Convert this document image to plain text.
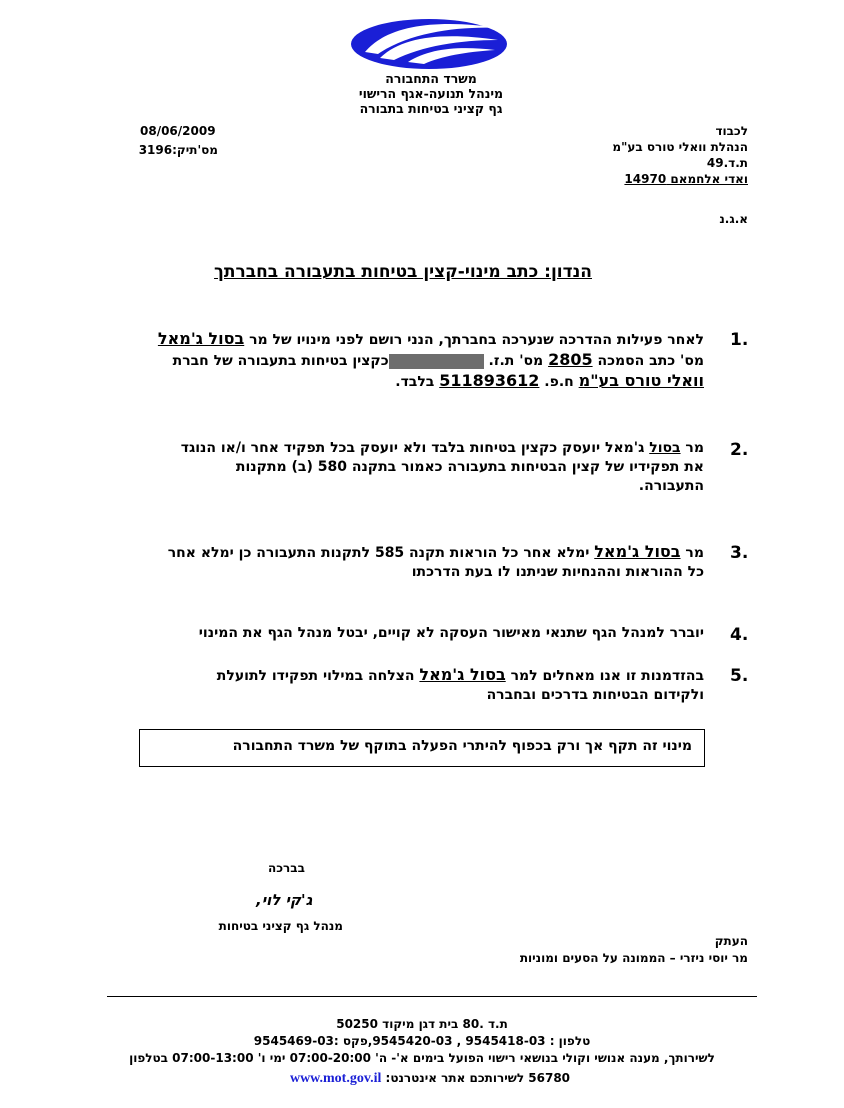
משרד התחבורה
מינהל תנועה-אגף הרישוי
גף קציני בטיחות בתבורה
08/06/2009
מס'תיק:3196
לכבוד
הנהלת וואלי טורס בע"מ
ת.ד.49
ואדי אלחמאם 14970
א.ג.נ
הנדון: כתב מינוי-קצין בטיחות בתעבורה בחברתך
1.
לאחר פעילות ההדרכה שנערכה בחברתך, הנני רושם לפני מינויו של מר בסול ג'מאל
מס' כתב הסמכה 2805 מס' ת.ז. כקצין בטיחות בתעבורה של חברת
וואלי טורס בע"מ ח.פ. 511893612 בלבד.
2.
מר בסול ג'מאל יועסק כקצין בטיחות בלבד ולא יועסק בכל תפקיד אחר ו/או הנוגד
את תפקידיו של קצין הבטיחות בתעבורה כאמור בתקנה 580 (ב) מתקנות
התעבורה.
3.
מר בסול ג'מאל ימלא אחר כל הוראות תקנה 585 לתקנות התעבורה כן ימלא אחר
כל ההוראות וההנחיות שניתנו לו בעת הדרכתו
4.
יוברר למנהל הגף שתנאי מאישור העסקה לא קויים, יבטל מנהל הגף את המינוי
5.
בהזדמנות זו אנו מאחלים למר בסול ג'מאל הצלחה במילוי תפקידו לתועלת
ולקידום הבטיחות בדרכים ובחברה
מינוי זה תקף אך ורק בכפוף להיתרי הפעלה בתוקף של משרד התחבורה
בברכה
ג'קי לוי,
מנהל גף קציני בטיחות
העתק
מר יוסי ניזרי – הממונה על הסעים ומוניות
ת.ד .80 בית דגן מיקוד 50250
טלפון : 9545418-03 , 9545420-03,פקס :9545469-03
לשירותך, מענה אנושי וקולי בנושאי רישוי הפועל בימים א'- ה' 07:00-20:00 ימי ו' 07:00-13:00 בטלפון
56780 לשירותכם אתר אינטרנט: www.mot.gov.il
